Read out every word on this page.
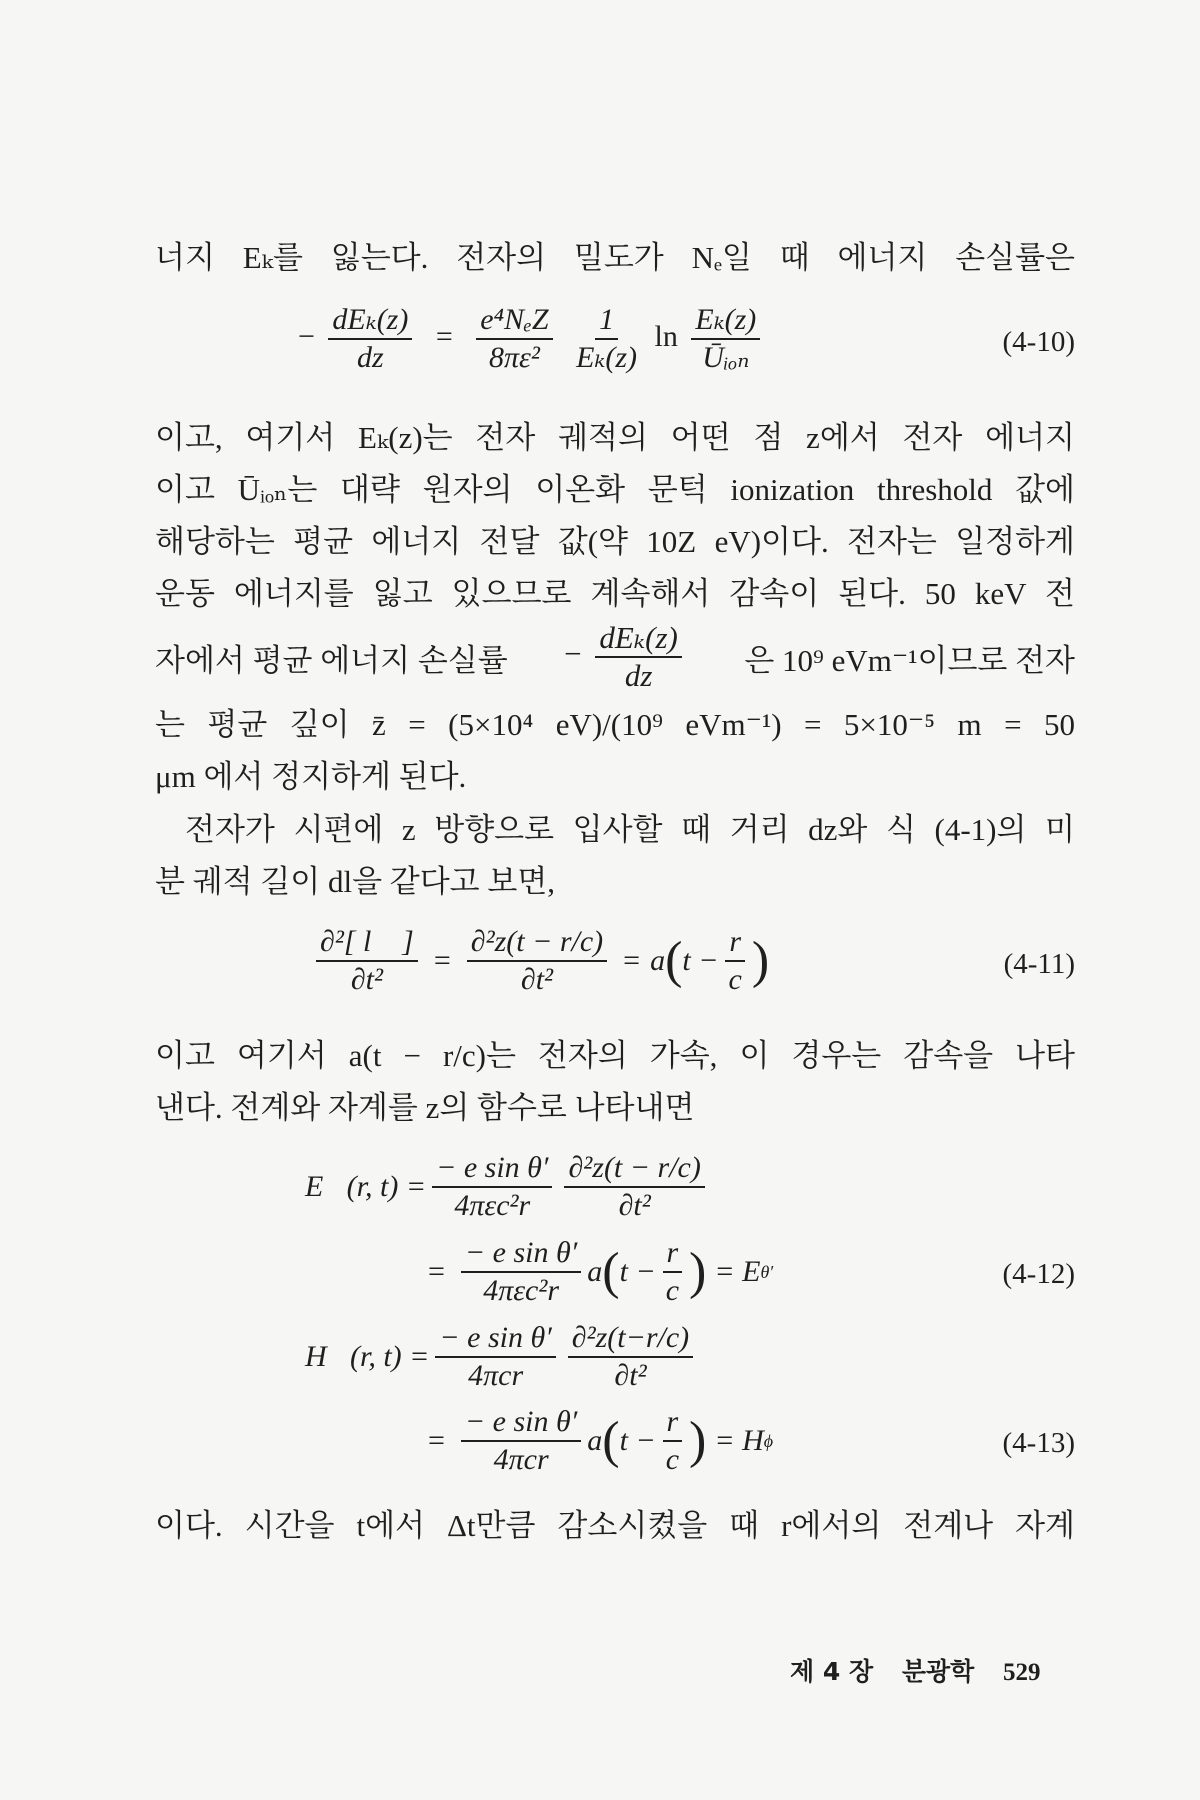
너지 Eₖ를 잃는다. 전자의 밀도가 Nₑ일 때 에너지 손실률은
− $\frac{\text{dEₖ(z)}}{dz} = \frac{\text{e⁴NₑZ}}{\text{8πε²}}$
$\frac{1}{\text{Eₖ(z)}}$ $\ln \frac{\text{Eₖ(z)}}{\text{Ūᵢₒₙ}}$	(4-10)
이고, 여기서 Eₖ(z)는 전자 궤적의 어떤 점 z에서 전자 에너지
이고 Ūᵢₒₙ는 대략 원자의 이온화 문턱 ionization threshold 값에
해당하는 평균 에너지 전달 값(약 10Z eV)이다. 전자는 일정하게
운동 에너지를 잃고 있으므로 계속해서 감속이 된다. 50 keV 전
자에서 평균 에너지 손실률 − $\frac{\text{dEₖ(z)}}{dz}$ 은 10⁹ eVm⁻¹이므로 전자
는 평균 깊이 z̄ = (5×10⁴ eV)/(10⁹ eVm⁻¹) = 5×10⁻⁵ m = 50
μm 에서 정지하게 된다.
전자가 시편에 z 방향으로 입사할 때 거리 dz와 식 (4-1)의 미
분 궤적 길이 dl을 같다고 보면,
$\frac{\text{∂²[ l⃗ ]}}{\text{∂t²}} = \frac{\text{∂²z(t − r/c)}}{\text{∂t²}} = a$ ( $t - \frac{r}{c}$ )	(4-11)
이고 여기서 a(t − r/c)는 전자의 가속, 이 경우는 감속을 나타
낸다. 전계와 자계를 z의 함수로 나타내면
E⃗(r, $t) = \frac{\text{− e sin θ′}}{\text{4πεc²r}} \frac{\text{∂²z(t − r/c)}}{\text{∂t²}}$
= $\frac{\text{− e sin θ′}}{\text{4πεc²r}}$ a ( $t - \frac{r}{c}$ ) = E θ′	(4-12)
H⃗(r, $t) = \frac{\text{− e sin θ′}}{\text{4πcr}} \frac{\text{∂²z(t−r/c)}}{\text{∂t²}}$
= $\frac{\text{− e sin θ′}}{\text{4πcr}}$ a ( $t - \frac{r}{c}$ ) = H ϕ	(4-13)
이다. 시간을 t에서 Δt만큼 감소시켰을 때 r에서의 전계나 자계
제 4 장 분광학 529
